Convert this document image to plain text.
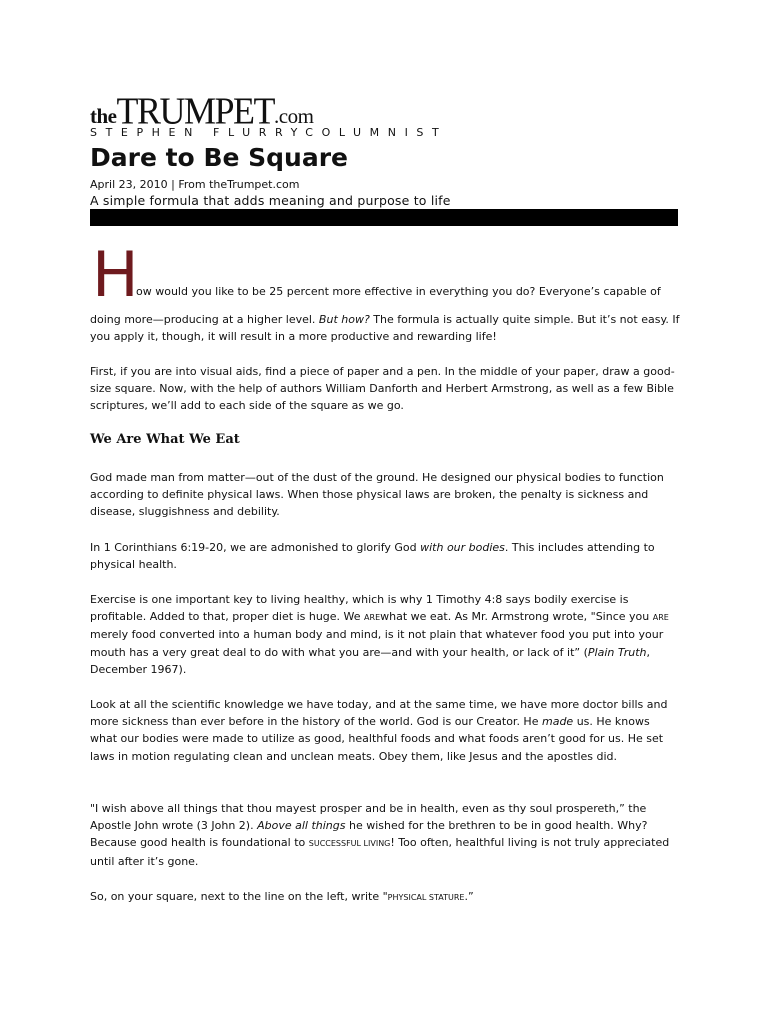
theTRUMPET.com
STEPHEN FLURRYCOLUMNIST
Dare to Be Square
April 23, 2010 | From theTrumpet.com
A simple formula that adds meaning and purpose to life
H
ow would you like to be 25 percent more effective in everything you do? Everyone’s capable of
doing more—producing at a higher level. But how? The formula is actually quite simple. But it’s not easy. If you apply it, though, it will result in a more productive and rewarding life!
First, if you are into visual aids, find a piece of paper and a pen. In the middle of your paper, draw a good-size square. Now, with the help of authors William Danforth and Herbert Armstrong, as well as a few Bible scriptures, we’ll add to each side of the square as we go.
We Are What We Eat
God made man from matter—out of the dust of the ground. He designed our physical bodies to function according to definite physical laws. When those physical laws are broken, the penalty is sickness and disease, sluggishness and debility.
In 1 Corinthians 6:19-20, we are admonished to glorify God with our bodies. This includes attending to physical health.
Exercise is one important key to living healthy, which is why 1 Timothy 4:8 says bodily exercise is profitable. Added to that, proper diet is huge. We AREwhat we eat. As Mr. Armstrong wrote, "Since you ARE merely food converted into a human body and mind, is it not plain that whatever food you put into your mouth has a very great deal to do with what you are—and with your health, or lack of it” (Plain Truth, December 1967).
Look at all the scientific knowledge we have today, and at the same time, we have more doctor bills and more sickness than ever before in the history of the world. God is our Creator. He made us. He knows what our bodies were made to utilize as good, healthful foods and what foods aren’t good for us. He set laws in motion regulating clean and unclean meats. Obey them, like Jesus and the apostles did.
"I wish above all things that thou mayest prosper and be in health, even as thy soul prospereth,” the Apostle John wrote (3 John 2). Above all things he wished for the brethren to be in good health. Why? Because good health is foundational to SUCCESSFUL LIVING! Too often, healthful living is not truly appreciated until after it’s gone.
So, on your square, next to the line on the left, write "PHYSICAL STATURE.”
